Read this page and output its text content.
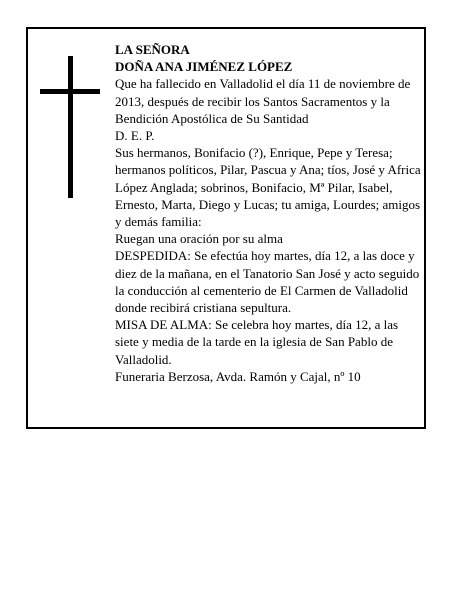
LA SEÑORA

DOÑA ANA JIMÉNEZ LÓPEZ

Que ha fallecido en Valladolid el día 11 de noviembre de 2013, después de recibir los Santos Sacramentos y la Bendición Apostólica de Su Santidad

D. E. P.

Sus hermanos, Bonifacio (?), Enrique, Pepe y Teresa; hermanos políticos, Pilar, Pascua y Ana; tíos, José y Africa López Anglada; sobrinos, Bonifacio, Mª Pilar, Isabel, Ernesto, Marta, Diego y Lucas; tu amiga, Lourdes; amigos y demás familia:

Ruegan una oración por su alma

DESPEDIDA: Se efectúa hoy martes, día 12, a las doce y diez de la mañana, en el Tanatorio San José y acto seguido la conducción al cementerio de El Carmen de Valladolid donde recibirá cristiana sepultura.

MISA DE ALMA: Se celebra hoy martes, día 12, a las siete y media de la tarde en la iglesia de San Pablo de Valladolid.

Funeraria Berzosa, Avda. Ramón y Cajal, nº 10
